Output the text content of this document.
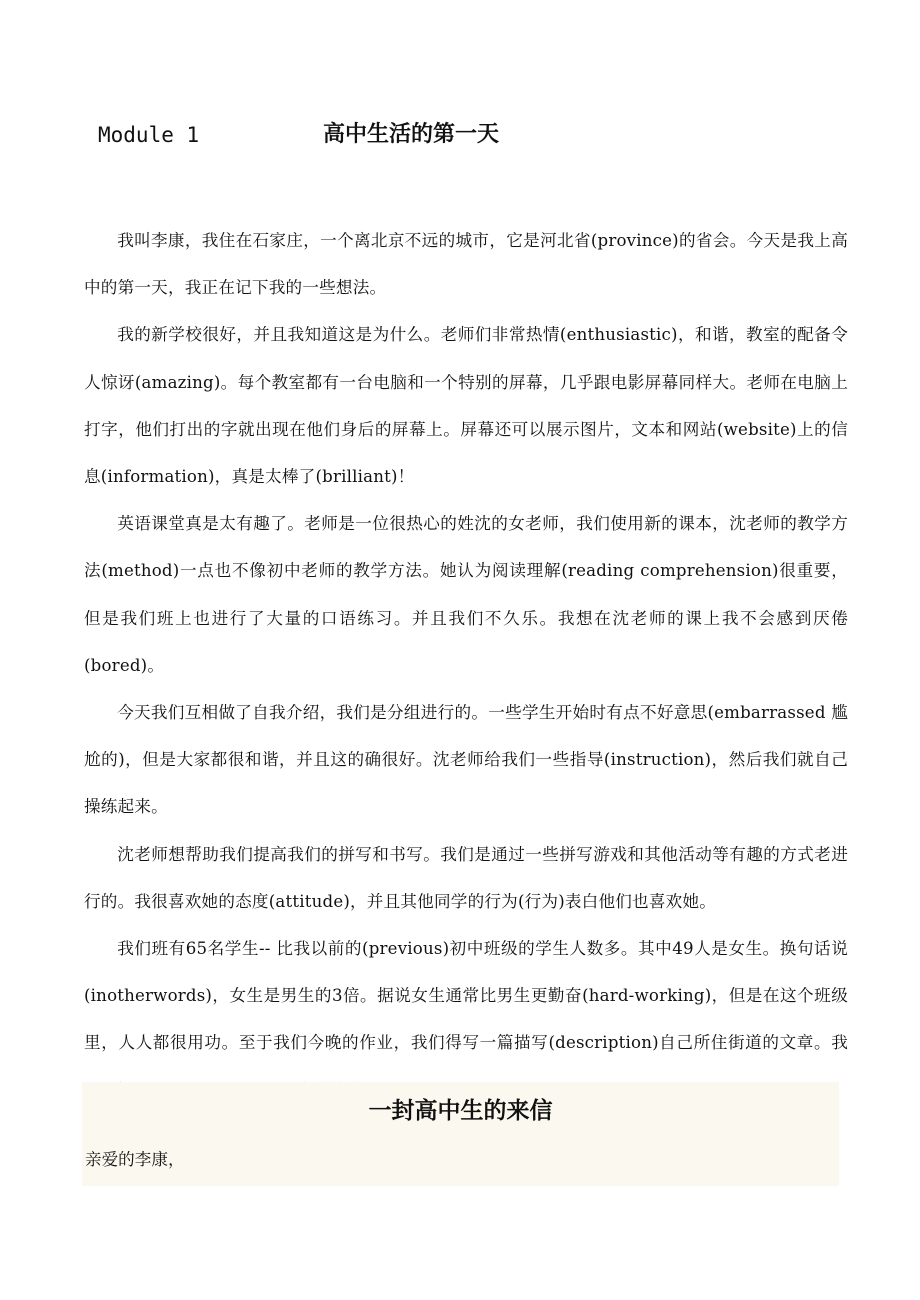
Module 1	高中生活的第一天

我叫李康，我住在石家庄，一个离北京不远的城市，它是河北省(province)的省会。今天是我上高中的第一天，我正在记下我的一些想法。

我的新学校很好，并且我知道这是为什么。老师们非常热情(enthusiastic)，和谐，教室的配备令人惊讶(amazing)。每个教室都有一台电脑和一个特别的屏幕，几乎跟电影屏幕同样大。老师在电脑上打字，他们打出的字就出现在他们身后的屏幕上。屏幕还可以展示图片，文本和网站(website)上的信息(information)，真是太棒了(brilliant)！

英语课堂真是太有趣了。老师是一位很热心的姓沈的女老师，我们使用新的课本，沈老师的教学方法(method)一点也不像初中老师的教学方法。她认为阅读理解(reading comprehension)很重要，但是我们班上也进行了大量的口语练习。并且我们不久乐。我想在沈老师的课上我不会感到厌倦(bored)。

今天我们互相做了自我介绍，我们是分组进行的。一些学生开始时有点不好意思(embarrassed 尴尬的)，但是大家都很和谐，并且这的确很好。沈老师给我们一些指导(instruction)，然后我们就自己操练起来。

沈老师想帮助我们提高我们的拼写和书写。我们是通过一些拼写游戏和其他活动等有趣的方式老进行的。我很喜欢她的态度(attitude)，并且其他同学的行为(行为)表白他们也喜欢她。

我们班有65名学生-- 比我以前的(previous)初中班级的学生人数多。其中49人是女生。换句话说(inotherwords)，女生是男生的3倍。据说女生通常比男生更勤奋(hard-working)，但是在这个班级里，人人都很用功。至于我们今晚的作业，我们得写一篇描写(description)自己所住街道的文章。我

一封高中生的来信
亲爱的李康，
